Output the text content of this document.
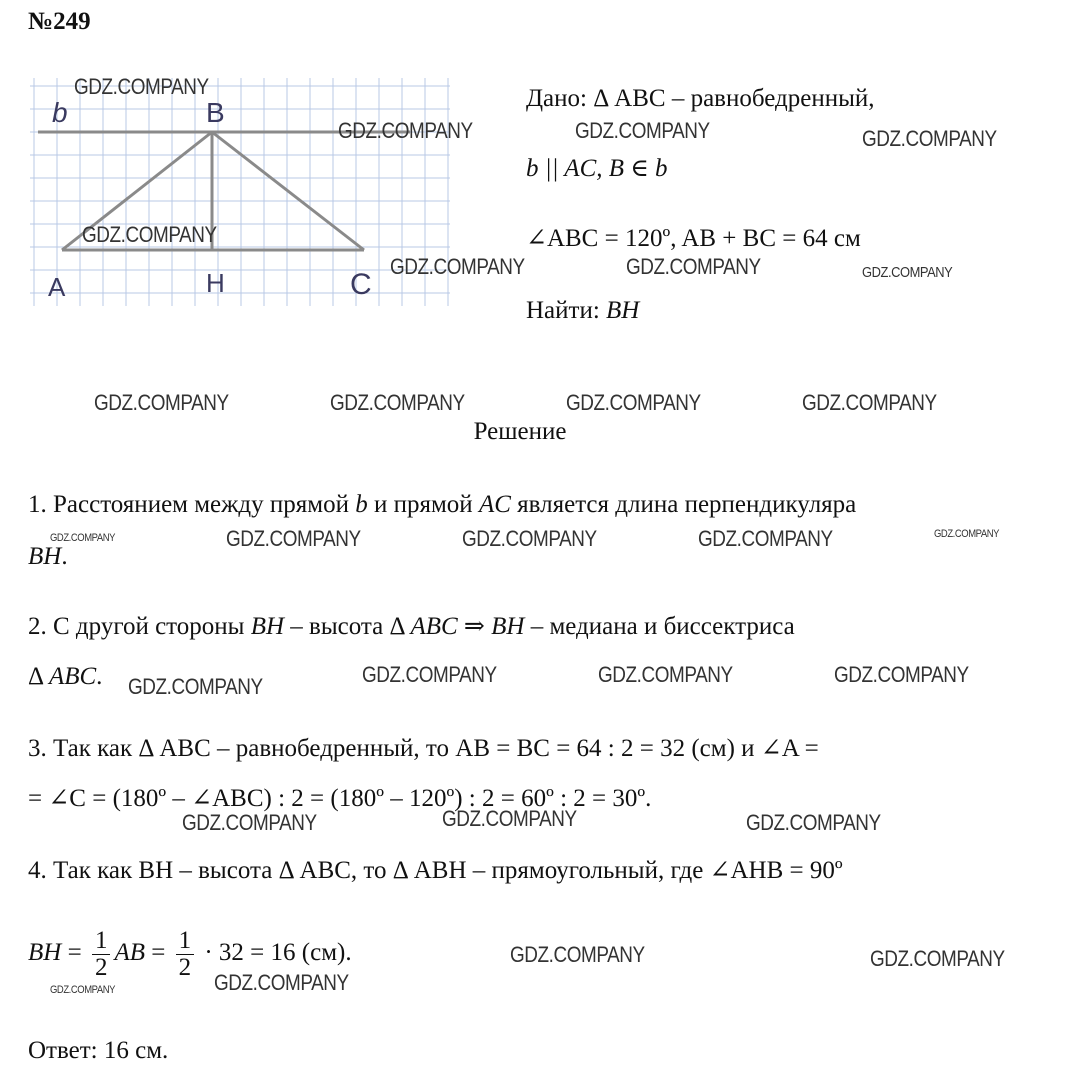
№249
b	B
A	H	C
Дано: Δ ABC – равнобедренный,
b || AC, B ∈ b
∠ABC = 120º, AB + BC = 64 см
Найти: BH
Решение
1. Расстоянием между прямой b и прямой AC является длина перпендикуляра
BH.
2. С другой стороны BH – высота Δ ABC ⇒ BH – медиана и биссектриса
Δ ABC.
3. Так как Δ ABC – равнобедренный, то AB = BC = 64 : 2 = 32 (см) и ∠A =
= ∠C = (180º – ∠ABC) : 2 = (180º – 120º) : 2 = 60º : 2 = 30º.
4. Так как BH – высота Δ ABC, то Δ ABH – прямоугольный, где ∠AHB = 90º
BH = $\frac{1}{2}$ AB = $\frac{1}{2} \cdot 32 = 16$ (см).
Ответ: 16 см.
GDZ.COMPANY
GDZ.COMPANY	GDZ.COMPANY	GDZ.COMPANY
GDZ.COMPANY
GDZ.COMPANY	GDZ.COMPANY	GDZ.COMPANY
GDZ.COMPANY	GDZ.COMPANY	GDZ.COMPANY	GDZ.COMPANY
GDZ.COMPANY	GDZ.COMPANY	GDZ.COMPANY	GDZ.COMPANY	GDZ.COMPANY
GDZ.COMPANY	GDZ.COMPANY	GDZ.COMPANY	GDZ.COMPANY
GDZ.COMPANY	GDZ.COMPANY	GDZ.COMPANY
GDZ.COMPANY	GDZ.COMPANY
GDZ.COMPANY
GDZ.COMPANY
